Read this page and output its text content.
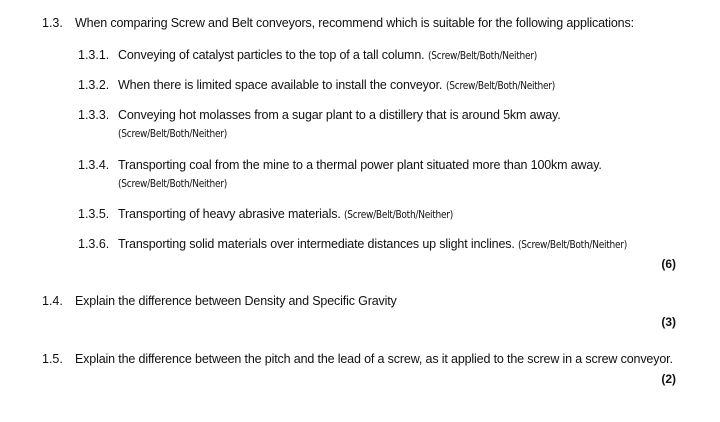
1.3. When comparing Screw and Belt conveyors, recommend which is suitable for the following applications:
1.3.1. Conveying of catalyst particles to the top of a tall column. (Screw/Belt/Both/Neither)
1.3.2. When there is limited space available to install the conveyor. (Screw/Belt/Both/Neither)
1.3.3. Conveying hot molasses from a sugar plant to a distillery that is around 5km away.
(Screw/Belt/Both/Neither)
1.3.4. Transporting coal from the mine to a thermal power plant situated more than 100km away.
(Screw/Belt/Both/Neither)
1.3.5. Transporting of heavy abrasive materials. (Screw/Belt/Both/Neither)
1.3.6. Transporting solid materials over intermediate distances up slight inclines. (Screw/Belt/Both/Neither)
(6)
1.4. Explain the difference between Density and Specific Gravity
(3)
1.5. Explain the difference between the pitch and the lead of a screw, as it applied to the screw in a screw conveyor.
(2)
